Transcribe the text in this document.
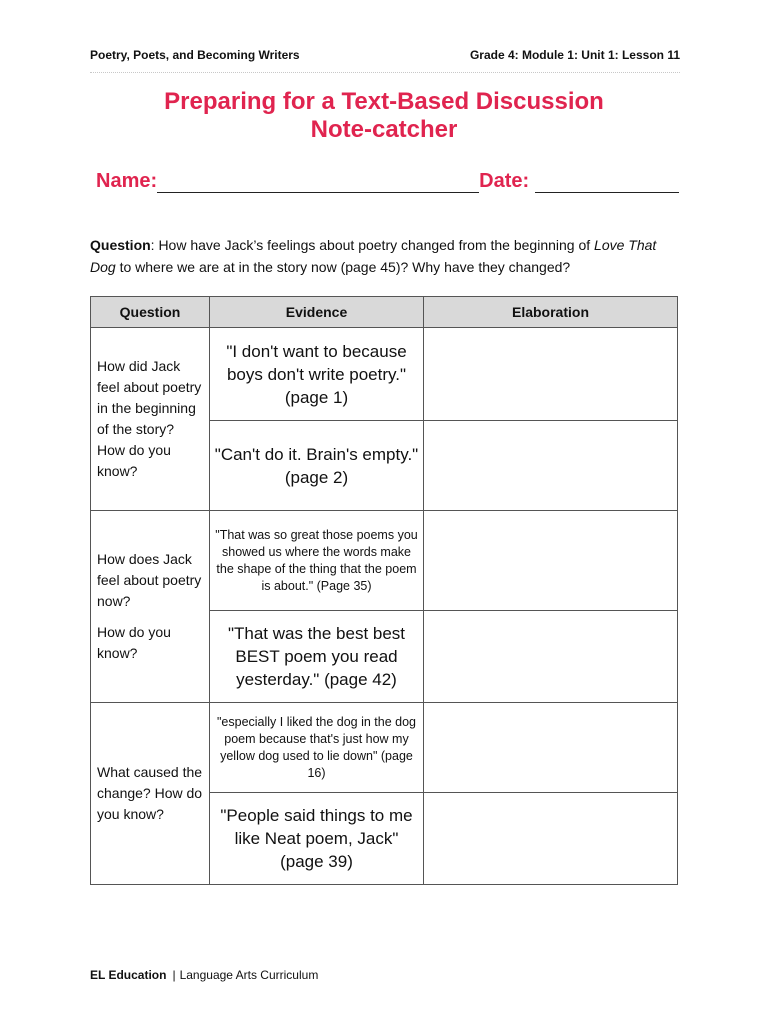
Poetry, Poets, and Becoming Writers	Grade 4: Module 1: Unit 1: Lesson 11
Preparing for a Text-Based Discussion
Note-catcher
Name:	Date:
Question: How have Jack’s feelings about poetry changed from the beginning of Love That Dog to where we are at in the story now (page 45)? Why have they changed?
Question	Evidence	Elaboration
How did Jack feel about poetry in the beginning of the story? How do you know?	"I don't want to because boys don't write poetry." (page 1)	
	"Can't do it. Brain's empty." (page 2)	
How does Jack feel about poetry now?
How do you know?	"That was so great those poems you showed us where the words make the shape of the thing that the poem is about." (Page 35)	
	"That was the best best BEST poem you read yesterday." (page 42)	
What caused the change? How do you know?	"especially I liked the dog in the dog poem because that's just how my yellow dog used to lie down" (page 16)	
	"People said things to me like Neat poem, Jack" (page 39)	
EL Education | Language Arts Curriculum
